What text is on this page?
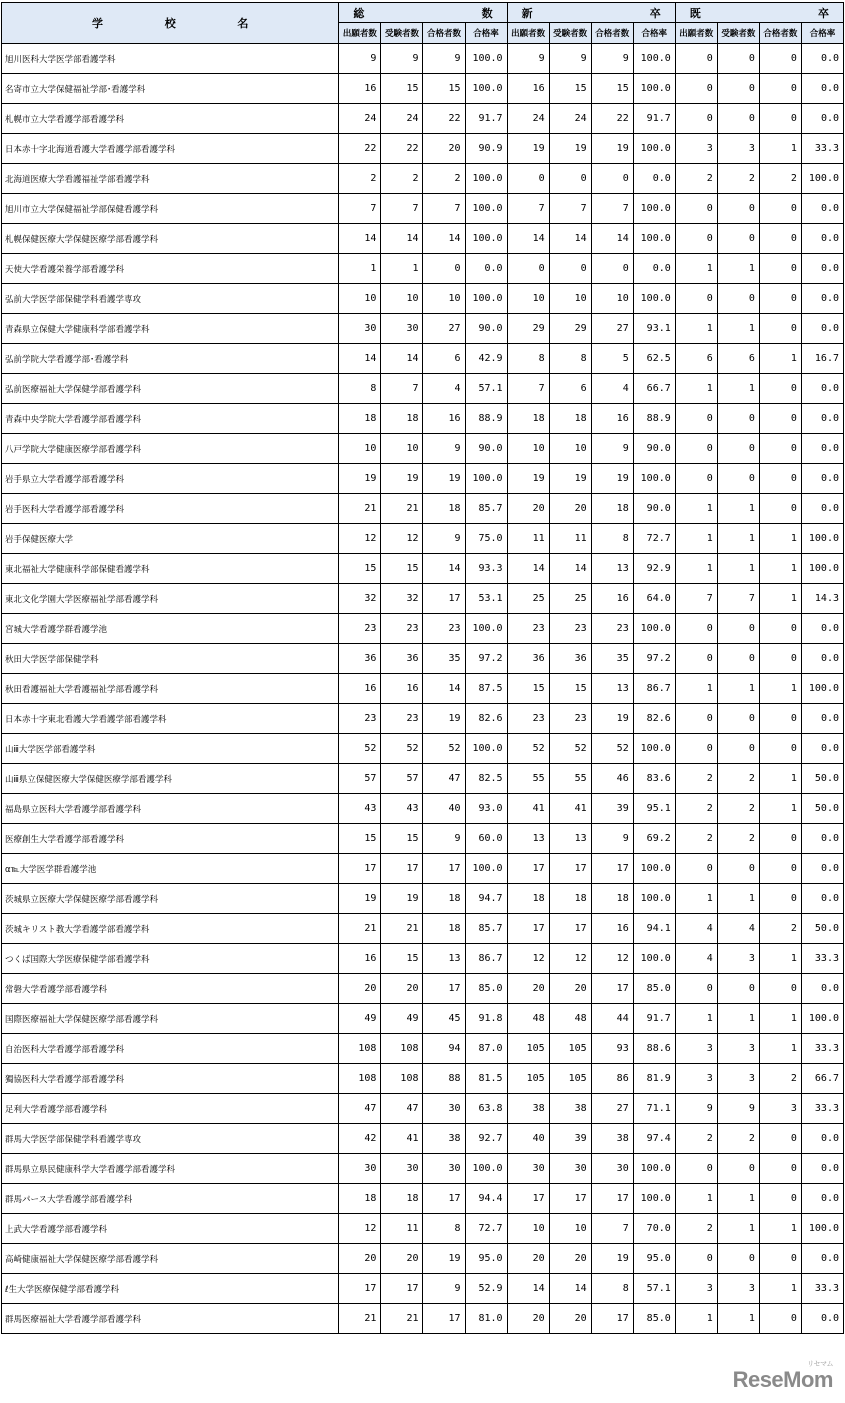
学 校 名	総 数				新 卒				既 卒			

	出願者数	受験者数	合格者数	合格率	出願者数	受験者数	合格者数	合格率	出願者数	受験者数	合格者数	合格率
旭川医科大学医学部看護学科	9	9	9	100.0	9	9	9	100.0	0	0	0	0.0
名寄市立大学保健福祉学部･看護学科	16	15	15	100.0	16	15	15	100.0	0	0	0	0.0
札幌市立大学看護学部看護学科	24	24	22	91.7	24	24	22	91.7	0	0	0	0.0
日本赤十字北海道看護大学看護学部看護学科	22	22	20	90.9	19	19	19	100.0	3	3	1	33.3
北海道医療大学看護福祉学部看護学科	2	2	2	100.0	0	0	0	0.0	2	2	2	100.0
旭川市立大学保健福祉学部保健看護学科	7	7	7	100.0	7	7	7	100.0	0	0	0	0.0
札幌保健医療大学保健医療学部看護学科	14	14	14	100.0	14	14	14	100.0	0	0	0	0.0
天使大学看護栄養学部看護学科	1	1	0	0.0	0	0	0	0.0	1	1	0	0.0
弘前大学医学部保健学科看護学専攻	10	10	10	100.0	10	10	10	100.0	0	0	0	0.0
青森県立保健大学健康科学部看護学科	30	30	27	90.0	29	29	27	93.1	1	1	0	0.0
弘前学院大学看護学部･看護学科	14	14	6	42.9	8	8	5	62.5	6	6	1	16.7
弘前医療福祉大学保健学部看護学科	8	7	4	57.1	7	6	4	66.7	1	1	0	0.0
青森中央学院大学看護学部看護学科	18	18	16	88.9	18	18	16	88.9	0	0	0	0.0
八戸学院大学健康医療学部看護学科	10	10	9	90.0	10	10	9	90.0	0	0	0	0.0
岩手県立大学看護学部看護学科	19	19	19	100.0	19	19	19	100.0	0	0	0	0.0
岩手医科大学看護学部看護学科	21	21	18	85.7	20	20	18	90.0	1	1	0	0.0
岩手保健医療大学	12	12	9	75.0	11	11	8	72.7	1	1	1	100.0
東北福祉大学健康科学部保健看護学科	15	15	14	93.3	14	14	13	92.9	1	1	1	100.0
東北文化学園大学医療福祉学部看護学科	32	32	17	53.1	25	25	16	64.0	7	7	1	14.3
宮城大学看護学群看護学池	23	23	23	100.0	23	23	23	100.0	0	0	0	0.0
秋田大学医学部保健学科	36	36	35	97.2	36	36	35	97.2	0	0	0	0.0
秋田看護福祉大学看護福祉学部看護学科	16	16	14	87.5	15	15	13	86.7	1	1	1	100.0
日本赤十字東北看護大学看護学部看護学科	23	23	19	82.6	23	23	19	82.6	0	0	0	0.0
山ⅲ大学医学部看護学科	52	52	52	100.0	52	52	52	100.0	0	0	0	0.0
山ⅲ県立保健医療大学保健医療学部看護学科	57	57	47	82.5	55	55	46	83.6	2	2	1	50.0
福島県立医科大学看護学部看護学科	43	43	40	93.0	41	41	39	95.1	2	2	1	50.0
医療創生大学看護学部看護学科	15	15	9	60.0	13	13	9	69.2	2	2	0	0.0
α℡大学医学群看護学池	17	17	17	100.0	17	17	17	100.0	0	0	0	0.0
茨城県立医療大学保健医療学部看護学科	19	19	18	94.7	18	18	18	100.0	1	1	0	0.0
茨城キリスト教大学看護学部看護学科	21	21	18	85.7	17	17	16	94.1	4	4	2	50.0
つくば国際大学医療保健学部看護学科	16	15	13	86.7	12	12	12	100.0	4	3	1	33.3
常磐大学看護学部看護学科	20	20	17	85.0	20	20	17	85.0	0	0	0	0.0
国際医療福祉大学保健医療学部看護学科	49	49	45	91.8	48	48	44	91.7	1	1	1	100.0
自治医科大学看護学部看護学科	108	108	94	87.0	105	105	93	88.6	3	3	1	33.3
獨協医科大学看護学部看護学科	108	108	88	81.5	105	105	86	81.9	3	3	2	66.7
足利大学看護学部看護学科	47	47	30	63.8	38	38	27	71.1	9	9	3	33.3
群馬大学医学部保健学科看護学専攻	42	41	38	92.7	40	39	38	97.4	2	2	0	0.0
群馬県立県民健康科学大学看護学部看護学科	30	30	30	100.0	30	30	30	100.0	0	0	0	0.0
群馬パース大学看護学部看護学科	18	18	17	94.4	17	17	17	100.0	1	1	0	0.0
上武大学看護学部看護学科	12	11	8	72.7	10	10	7	70.0	2	1	1	100.0
高崎健康福祉大学保健医療学部看護学科	20	20	19	95.0	20	20	19	95.0	0	0	0	0.0
ℓ生大学医療保健学部看護学科	17	17	9	52.9	14	14	8	57.1	3	3	1	33.3
群馬医療福祉大学看護学部看護学科	21	21	17	81.0	20	20	17	85.0	1	1	0	0.0
リセマム
ReseMom
